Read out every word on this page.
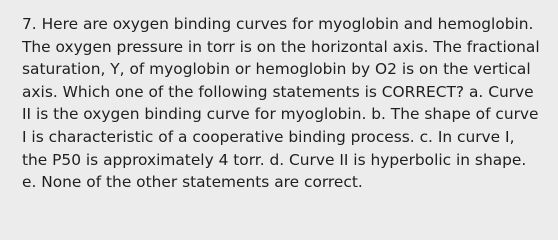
7. Here are oxygen binding curves for myoglobin and hemoglobin. The oxygen pressure in torr is on the horizontal axis. The fractional saturation, Y, of myoglobin or hemoglobin by O2 is on the vertical axis. Which one of the following statements is CORRECT? a. Curve II is the oxygen binding curve for myoglobin. b. The shape of curve I is characteristic of a cooperative binding process. c. In curve I, the P50 is approximately 4 torr. d. Curve II is hyperbolic in shape. e. None of the other statements are correct.
